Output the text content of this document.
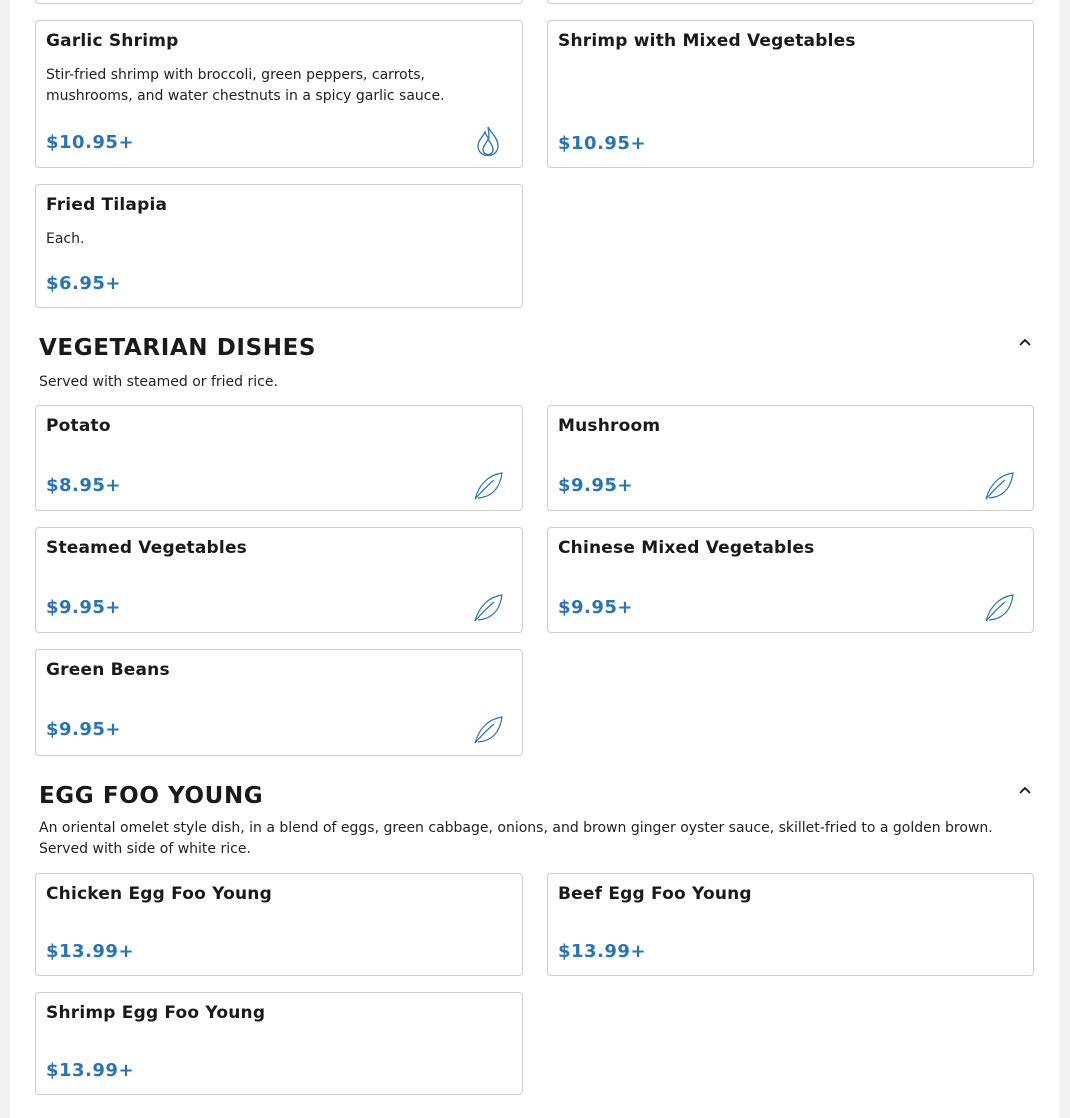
Garlic Shrimp
Stir-fried shrimp with broccoli, green peppers, carrots, mushrooms, and water chestnuts in a spicy garlic sauce.
$10.95+
Shrimp with Mixed Vegetables
$10.95+
Fried Tilapia
Each.
$6.95+
VEGETARIAN DISHES
Served with steamed or fried rice.
Potato
$8.95+
Mushroom
$9.95+
Steamed Vegetables
$9.95+
Chinese Mixed Vegetables
$9.95+
Green Beans
$9.95+
EGG FOO YOUNG
An oriental omelet style dish, in a blend of eggs, green cabbage, onions, and brown ginger oyster sauce, skillet-fried to a golden brown. Served with side of white rice.
Chicken Egg Foo Young
$13.99+
Beef Egg Foo Young
$13.99+
Shrimp Egg Foo Young
$13.99+
